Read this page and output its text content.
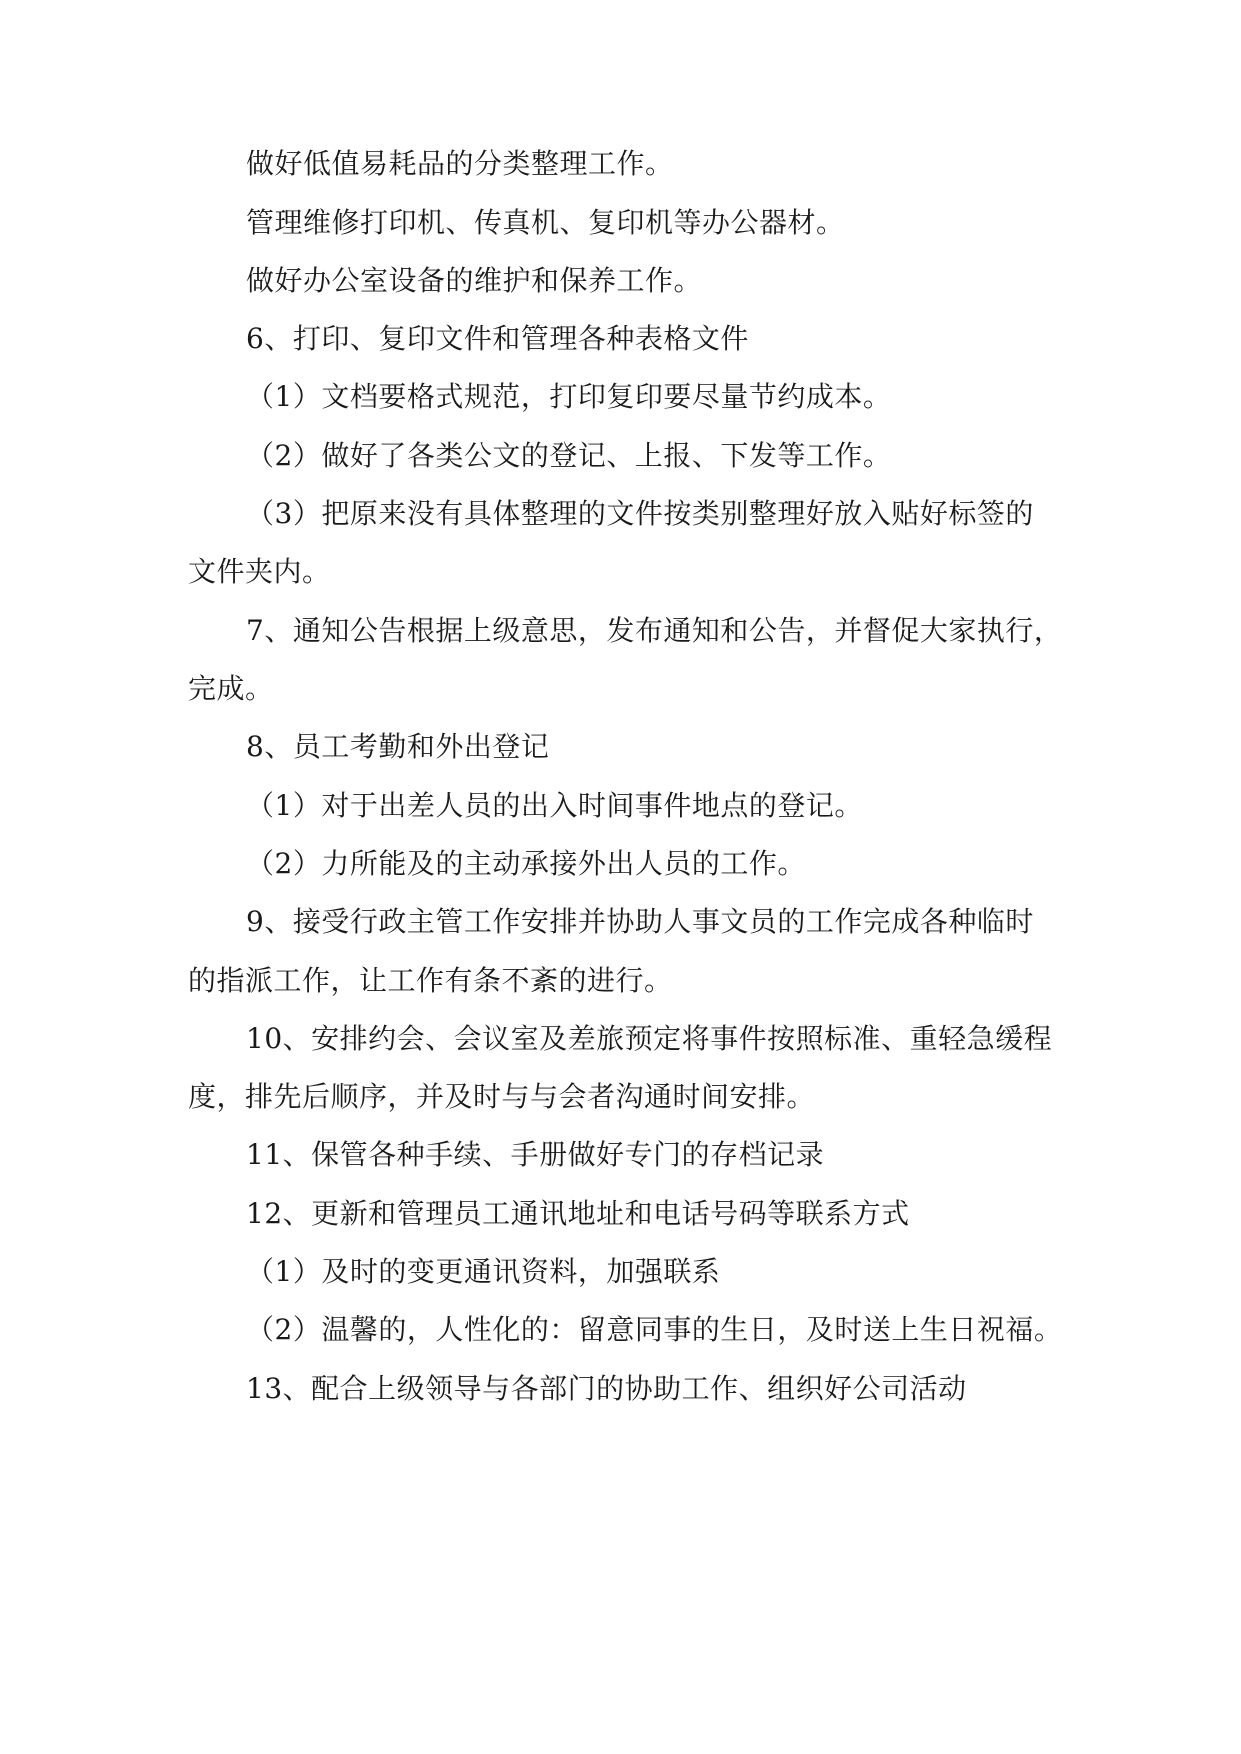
做好低值易耗品的分类整理工作。
管理维修打印机、传真机、复印机等办公器材。
做好办公室设备的维护和保养工作。
6、打印、复印文件和管理各种表格文件
（1）文档要格式规范，打印复印要尽量节约成本。
（2）做好了各类公文的登记、上报、下发等工作。
（3）把原来没有具体整理的文件按类别整理好放入贴好标签的
文件夹内。
7、通知公告根据上级意思，发布通知和公告，并督促大家执行，
完成。
8、员工考勤和外出登记
（1）对于出差人员的出入时间事件地点的登记。
（2）力所能及的主动承接外出人员的工作。
9、接受行政主管工作安排并协助人事文员的工作完成各种临时
的指派工作，让工作有条不紊的进行。
10、安排约会、会议室及差旅预定将事件按照标准、重轻急缓程
度，排先后顺序，并及时与与会者沟通时间安排。
11、保管各种手续、手册做好专门的存档记录
12、更新和管理员工通讯地址和电话号码等联系方式
（1）及时的变更通讯资料，加强联系
（2）温馨的，人性化的：留意同事的生日，及时送上生日祝福。
13、配合上级领导与各部门的协助工作、组织好公司活动
